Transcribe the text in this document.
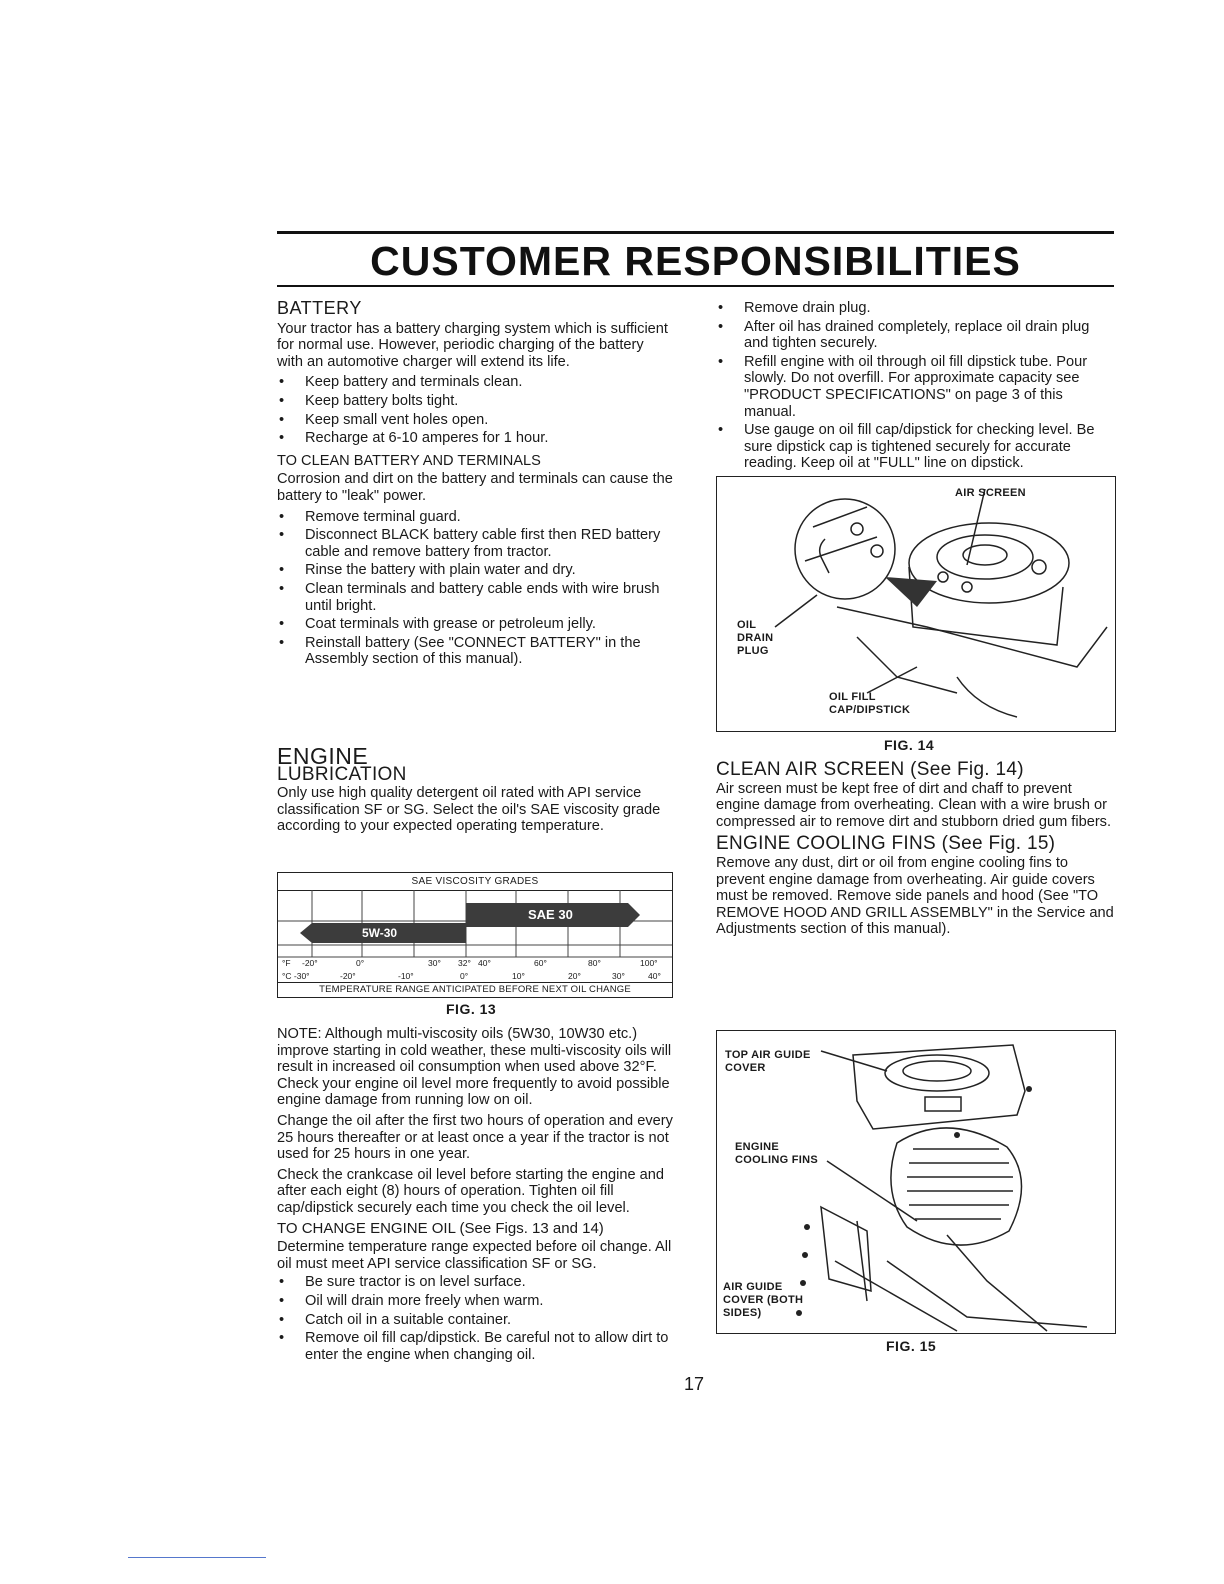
CUSTOMER RESPONSIBILITIES
BATTERY

Your tractor has a battery charging system which is sufficient for normal use. However, periodic charging of the battery with an automotive charger will extend its life.

• Keep battery and terminals clean.
• Keep battery bolts tight.
• Keep small vent holes open.
• Recharge at 6-10 amperes for 1 hour.
TO CLEAN BATTERY AND TERMINALS

Corrosion and dirt on the battery and terminals can cause the battery to "leak" power.

• Remove terminal guard.
• Disconnect BLACK battery cable first then RED battery cable and remove battery from tractor.
• Rinse the battery with plain water and dry.
• Clean terminals and battery cable ends with wire brush until bright.
• Coat terminals with grease or petroleum jelly.
• Reinstall battery (See "CONNECT BATTERY" in the Assembly section of this manual).
ENGINE
LUBRICATION

Only use high quality detergent oil rated with API service classification SF or SG. Select the oil's SAE viscosity grade according to your expected operating temperature.

SAE VISCOSITY GRADES
SAE 30
5W-30
°F -20°	0°	30° 32° 40°	60°	80°	100°
°C -30°	-20°	-10°	0°	10°	20°	30°	40°
TEMPERATURE RANGE ANTICIPATED BEFORE NEXT OIL CHANGE
FIG. 13

NOTE: Although multi-viscosity oils (5W30, 10W30 etc.) improve starting in cold weather, these multi-viscosity oils will result in increased oil consumption when used above 32°F. Check your engine oil level more frequently to avoid possible engine damage from running low on oil.

Change the oil after the first two hours of operation and every 25 hours thereafter or at least once a year if the tractor is not used for 25 hours in one year.

Check the crankcase oil level before starting the engine and after each eight (8) hours of operation. Tighten oil fill cap/dipstick securely each time you check the oil level.

TO CHANGE ENGINE OIL (See Figs. 13 and 14)

Determine temperature range expected before oil change. All oil must meet API service classification SF or SG.

• Be sure tractor is on level surface.
• Oil will drain more freely when warm.
• Catch oil in a suitable container.
• Remove oil fill cap/dipstick. Be careful not to allow dirt to enter the engine when changing oil.
• Remove drain plug.
• After oil has drained completely, replace oil drain plug and tighten securely.
• Refill engine with oil through oil fill dipstick tube. Pour slowly. Do not overfill. For approximate capacity see "PRODUCT SPECIFICATIONS" on page 3 of this manual.
• Use gauge on oil fill cap/dipstick for checking level. Be sure dipstick cap is tightened securely for accurate reading. Keep oil at "FULL" line on dipstick.
AIR SCREEN
OIL
DRAIN
PLUG
OIL FILL
CAP/DIPSTICK
FIG. 14
CLEAN AIR SCREEN (See Fig. 14)

Air screen must be kept free of dirt and chaff to prevent engine damage from overheating. Clean with a wire brush or compressed air to remove dirt and stubborn dried gum fibers.

ENGINE COOLING FINS (See Fig. 15)

Remove any dust, dirt or oil from engine cooling fins to prevent engine damage from overheating. Air guide covers must be removed. Remove side panels and hood (See "TO REMOVE HOOD AND GRILL ASSEMBLY" in the Service and Adjustments section of this manual).

TOP AIR GUIDE
COVER
ENGINE
COOLING FINS
AIR GUIDE
COVER (BOTH
SIDES)
FIG. 15
17
